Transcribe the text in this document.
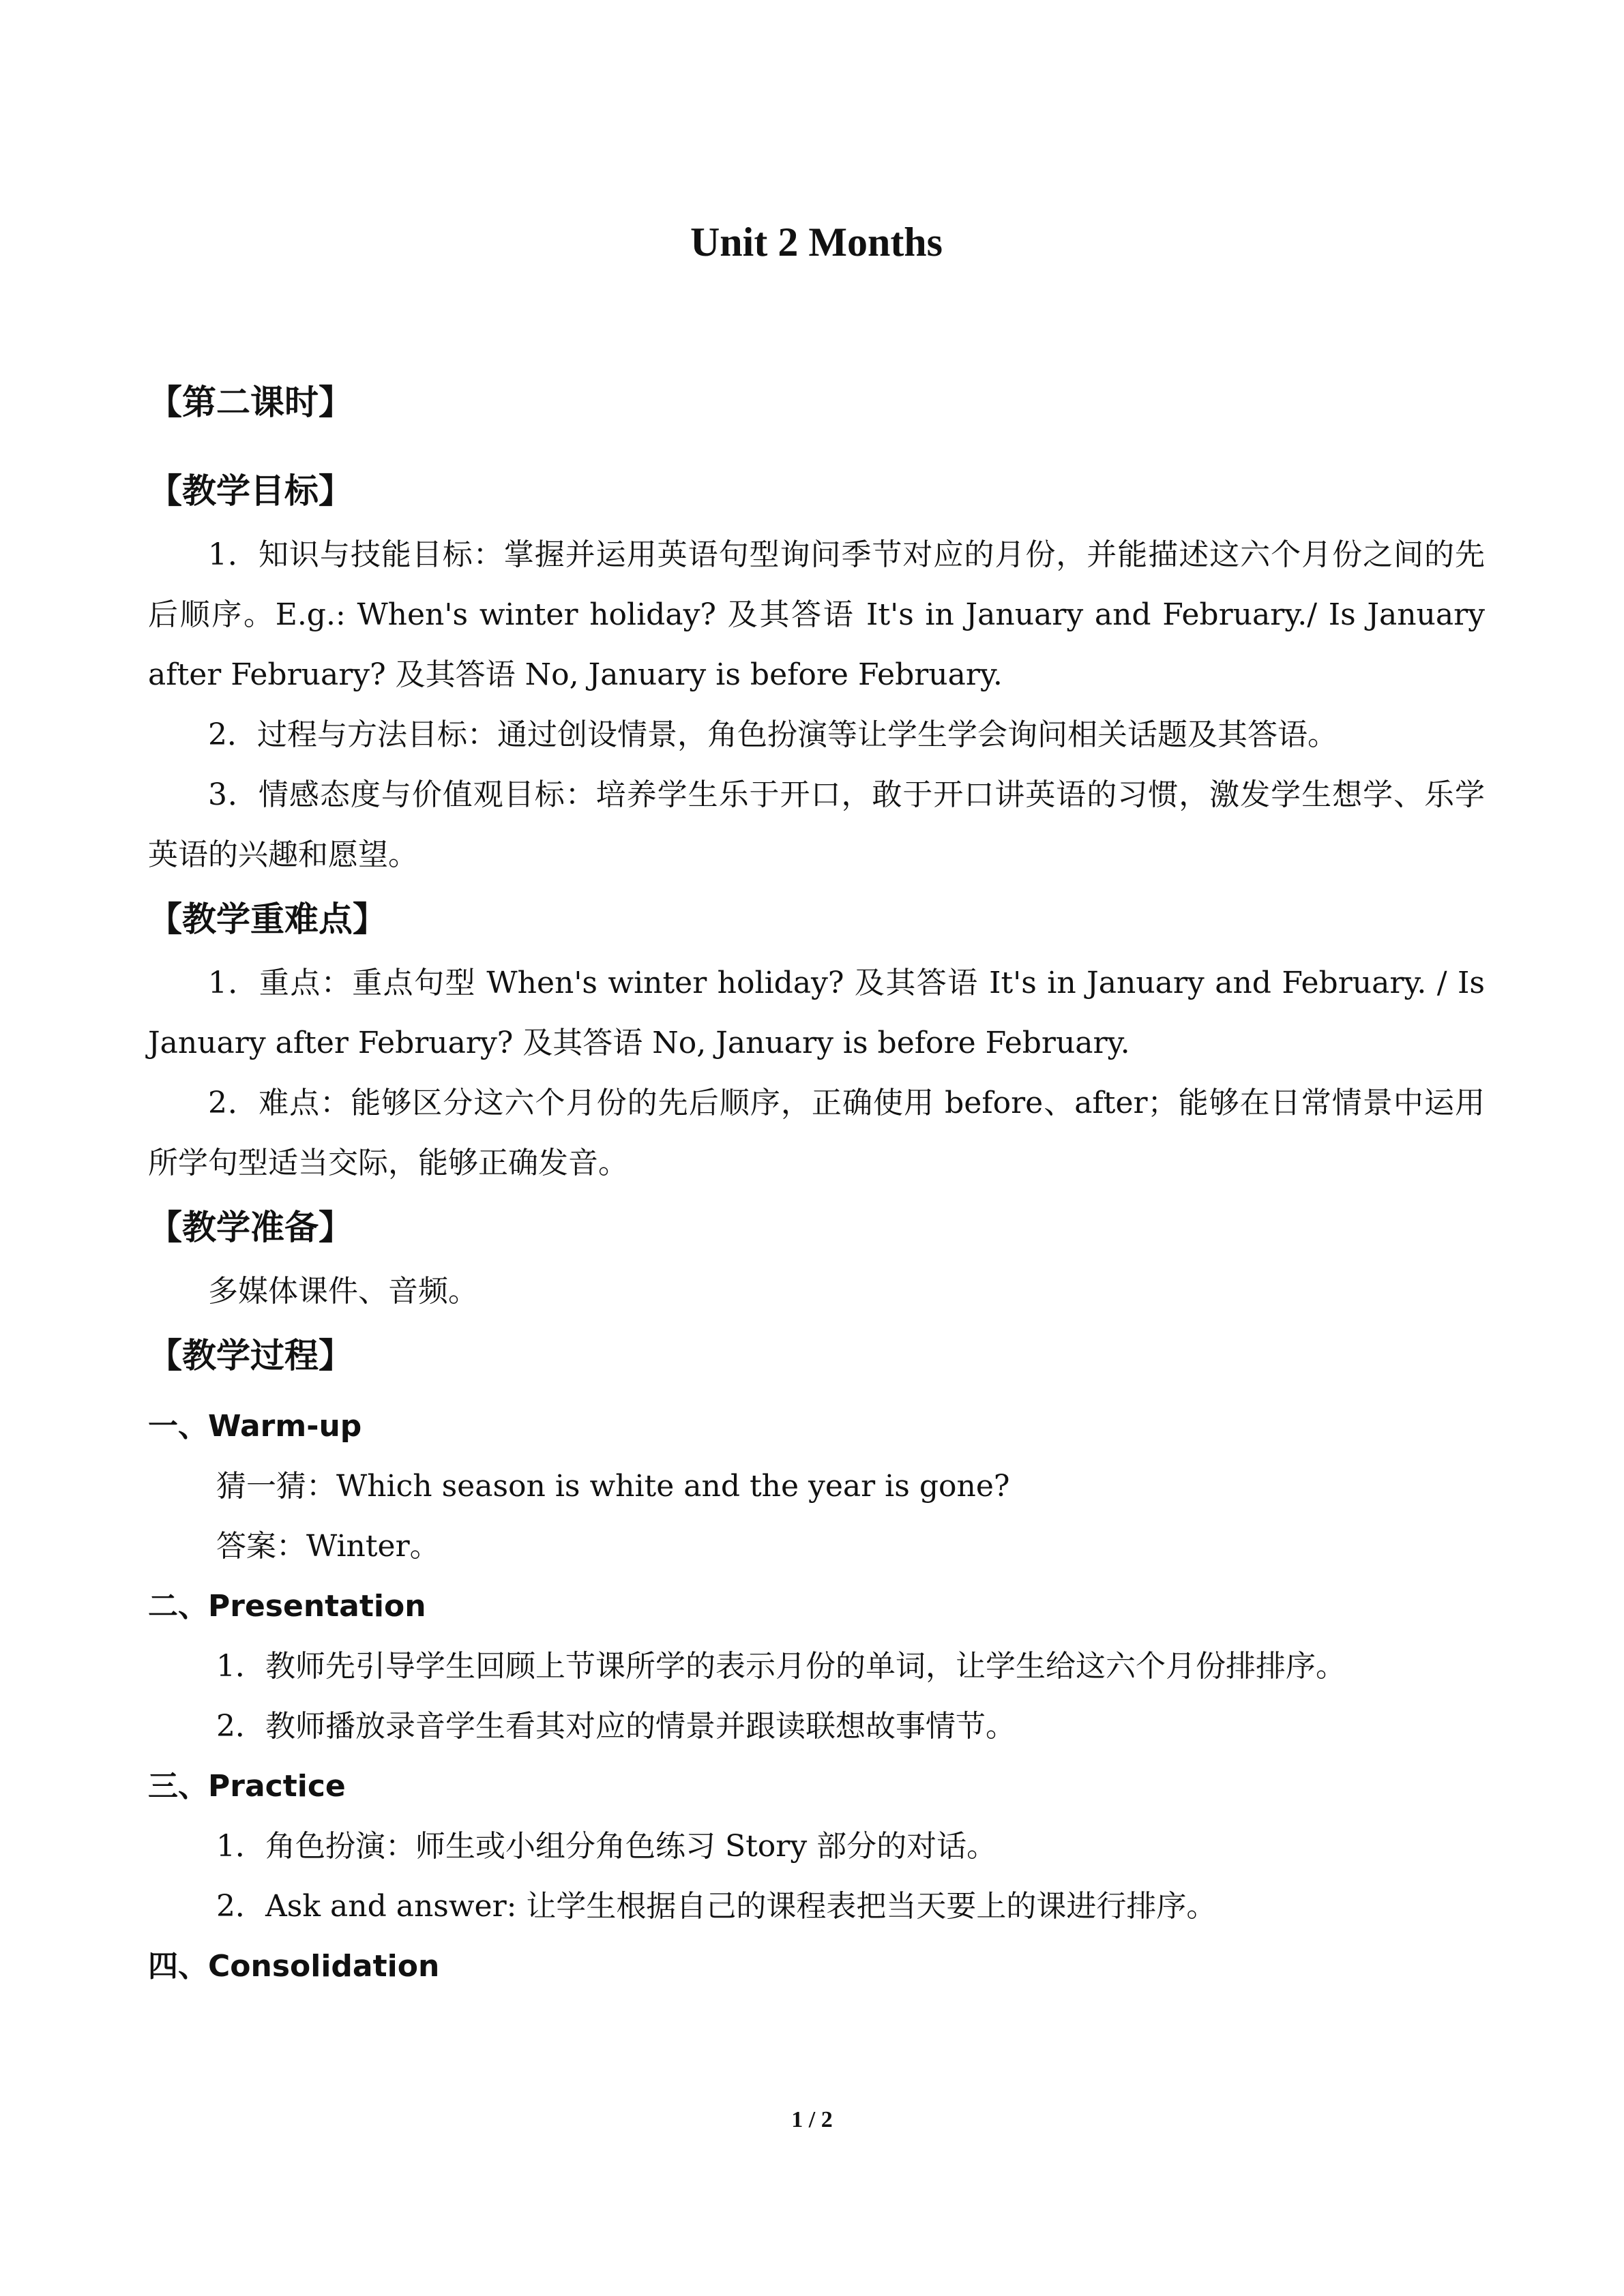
Unit 2 Months
【第二课时】
【教学目标】

1．知识与技能目标：掌握并运用英语句型询问季节对应的月份，并能描述这六个月份之间的先后顺序。E.g.: When's winter holiday? 及其答语 It's in January and February./ Is January after February? 及其答语 No, January is before February.

2．过程与方法目标：通过创设情景，角色扮演等让学生学会询问相关话题及其答语。

3．情感态度与价值观目标：培养学生乐于开口，敢于开口讲英语的习惯，激发学生想学、乐学英语的兴趣和愿望。

【教学重难点】

1．重点：重点句型 When's winter holiday? 及其答语 It's in January and February. / Is January after February? 及其答语 No, January is before February.

2．难点：能够区分这六个月份的先后顺序，正确使用 before、after；能够在日常情景中运用所学句型适当交际，能够正确发音。

【教学准备】

多媒体课件、音频。

【教学过程】
一、Warm-up

猜一猜：Which season is white and the year is gone?

答案：Winter。

二、Presentation

1．教师先引导学生回顾上节课所学的表示月份的单词，让学生给这六个月份排排序。

2．教师播放录音学生看其对应的情景并跟读联想故事情节。

三、Practice

1．角色扮演：师生或小组分角色练习 Story 部分的对话。

2．Ask and answer: 让学生根据自己的课程表把当天要上的课进行排序。

四、Consolidation
1 / 2
